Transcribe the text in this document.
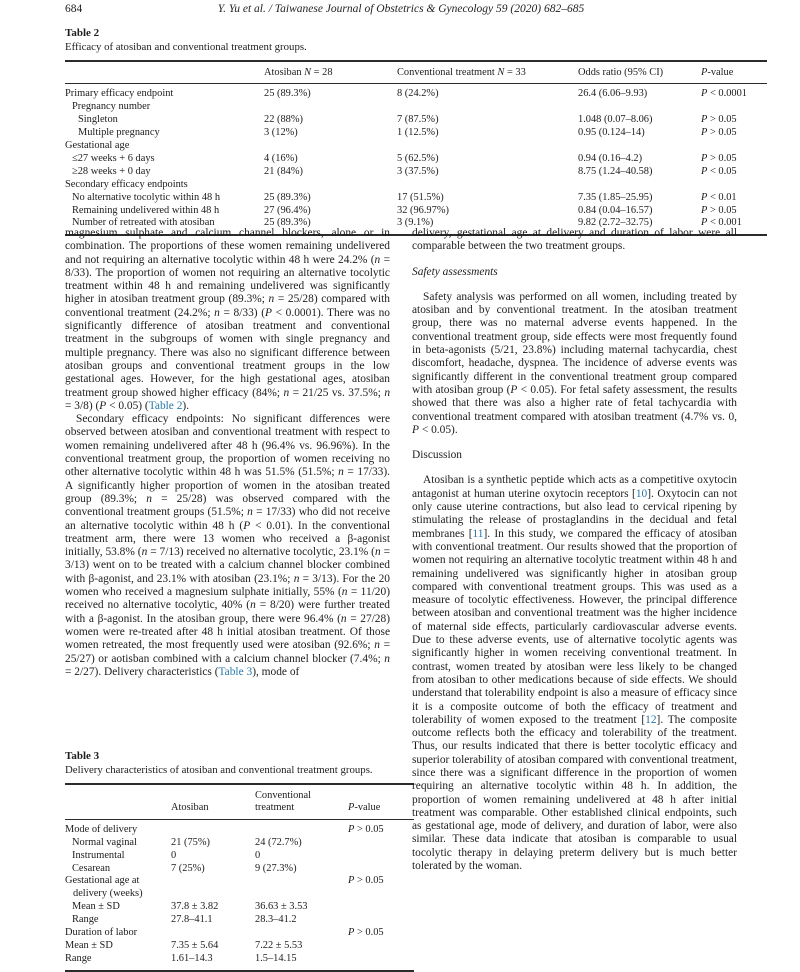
684	Y. Yu et al. / Taiwanese Journal of Obstetrics & Gynecology 59 (2020) 682–685
Table 2
Efficacy of atosiban and conventional treatment groups.
	Atosiban N = 28	Conventional treatment N = 33	Odds ratio (95% CI)	P-value
Primary efficacy endpoint	25 (89.3%)	8 (24.2%)	26.4 (6.06–9.93)	P < 0.0001
Pregnancy number				
Singleton	22 (88%)	7 (87.5%)	1.048 (0.07–8.06)	P > 0.05
Multiple pregnancy	3 (12%)	1 (12.5%)	0.95 (0.124–14)	P > 0.05
Gestational age				
≤27 weeks + 6 days	4 (16%)	5 (62.5%)	0.94 (0.16–4.2)	P > 0.05
≥28 weeks + 0 day	21 (84%)	3 (37.5%)	8.75 (1.24–40.58)	P < 0.05
Secondary efficacy endpoints				
No alternative tocolytic within 48 h	25 (89.3%)	17 (51.5%)	7.35 (1.85–25.95)	P < 0.01
Remaining undelivered within 48 h	27 (96.4%)	32 (96.97%)	0.84 (0.04–16.57)	P > 0.05
Number of retreated with atosiban	25 (89.3%)	3 (9.1%)	9.82 (2.72–32.75)	P < 0.001

magnesium sulphate and calcium channel blockers, alone or in combination. The proportions of these women remaining undelivered and not requiring an alternative tocolytic within 48 h were 24.2% (n = 8/33). The proportion of women not requiring an alternative tocolytic treatment within 48 h and remaining undelivered was significantly higher in atosiban treatment group (89.3%; n = 25/28) compared with conventional treatment (24.2%; n = 8/33) (P < 0.0001). There was no significantly difference of atosiban treatment and conventional treatment in the subgroups of women with single pregnancy and multiple pregnancy. There was also no significant difference between atosiban groups and conventional treatment groups in the low gestational ages. However, for the high gestational ages, atosiban treatment group showed higher efficacy (84%; n = 21/25 vs. 37.5%; n = 3/8) (P < 0.05) (Table 2).

Secondary efficacy endpoints: No significant differences were observed between atosiban and conventional treatment with respect to women remaining undelivered after 48 h (96.4% vs. 96.96%). In the conventional treatment group, the proportion of women receiving no other alternative tocolytic within 48 h was 51.5% (51.5%; n = 17/33). A significantly higher proportion of women in the atosiban treated group (89.3%; n = 25/28) was observed compared with the conventional treatment groups (51.5%; n = 17/33) who did not receive an alternative tocolytic within 48 h (P < 0.01). In the conventional treatment arm, there were 13 women who received a β-agonist initially, 53.8% (n = 7/13) received no alternative tocolytic, 23.1% (n = 3/13) went on to be treated with a calcium channel blocker combined with β-agonist, and 23.1% with atosiban (23.1%; n = 3/13). For the 20 women who received a magnesium sulphate initially, 55% (n = 11/20) received no alternative tocolytic, 40% (n = 8/20) were further treated with a β-agonist. In the atosiban group, there were 96.4% (n = 27/28) women were re-treated after 48 h initial atosiban treatment. Of those women retreated, the most frequently used were atosiban (92.6%; n = 25/27) or aotisban combined with a calcium channel blocker (7.4%; n = 2/27). Delivery characteristics (Table 3), mode of

Table 3
Delivery characteristics of atosiban and conventional treatment groups.
	Atosiban	Conventional treatment	P-value
Mode of delivery			P > 0.05
Normal vaginal	21 (75%)	24 (72.7%)	
Instrumental	0	0	
Cesarean	7 (25%)	9 (27.3%)	
Gestational age at delivery (weeks)			P > 0.05
Mean ± SD	37.8 ± 3.82	36.63 ± 3.53	
Range	27.8–41.1	28.3–41.2	
Duration of labor			P > 0.05
Mean ± SD	7.35 ± 5.64	7.22 ± 5.53	
Range	1.61–14.3	1.5–14.15	

delivery, gestational age at delivery and duration of labor were all comparable between the two treatment groups.

Safety assessments

Safety analysis was performed on all women, including treated by atosiban and by conventional treatment. In the atosiban treatment group, there was no maternal adverse events happened. In the conventional treatment group, side effects were most frequently found in beta-agonists (5/21, 23.8%) including maternal tachycardia, chest discomfort, headache, dyspnea. The incidence of adverse events was significantly different in the conventional treatment group compared with atosiban group (P < 0.05). For fetal safety assessment, the results showed that there was also a higher rate of fetal tachycardia with conventional treatment compared with atosiban treatment (4.7% vs. 0, P < 0.05).

Discussion

Atosiban is a synthetic peptide which acts as a competitive oxytocin antagonist at human uterine oxytocin receptors [10]. Oxytocin can not only cause uterine contractions, but also lead to cervical ripening by stimulating the release of prostaglandins in the decidual and fetal membranes [11]. In this study, we compared the efficacy of atosiban with conventional treatment. Our results showed that the proportion of women not requiring an alternative tocolytic treatment within 48 h and remaining undelivered was significantly higher in atosiban group compared with conventional treatment groups. This was used as a measure of tocolytic effectiveness. However, the principal difference between atosiban and conventional treatment was the higher incidence of maternal side effects, particularly cardiovascular adverse events. Due to these adverse events, use of alternative tocolytic agents was significantly higher in women receiving conventional treatment. In contrast, women treated by atosiban were less likely to be changed from atosiban to other medications because of side effects. We should understand that tolerability endpoint is also a measure of efficacy since it is a composite outcome of both the efficacy of treatment and tolerability of women exposed to the treatment [12]. The composite outcome reflects both the efficacy and tolerability of the treatment. Thus, our results indicated that there is better tocolytic efficacy and superior tolerability of atosiban compared with conventional treatment, since there was a significant difference in the proportion of women requiring an alternative tocolytic within 48 h. In addition, the proportion of women remaining undelivered at 48 h after initial treatment was comparable. Other established clinical endpoints, such as gestational age, mode of delivery, and duration of labor, were also similar. These data indicate that atosiban is comparable to usual tocolytic therapy in delaying preterm delivery but is much better tolerated by the woman.
